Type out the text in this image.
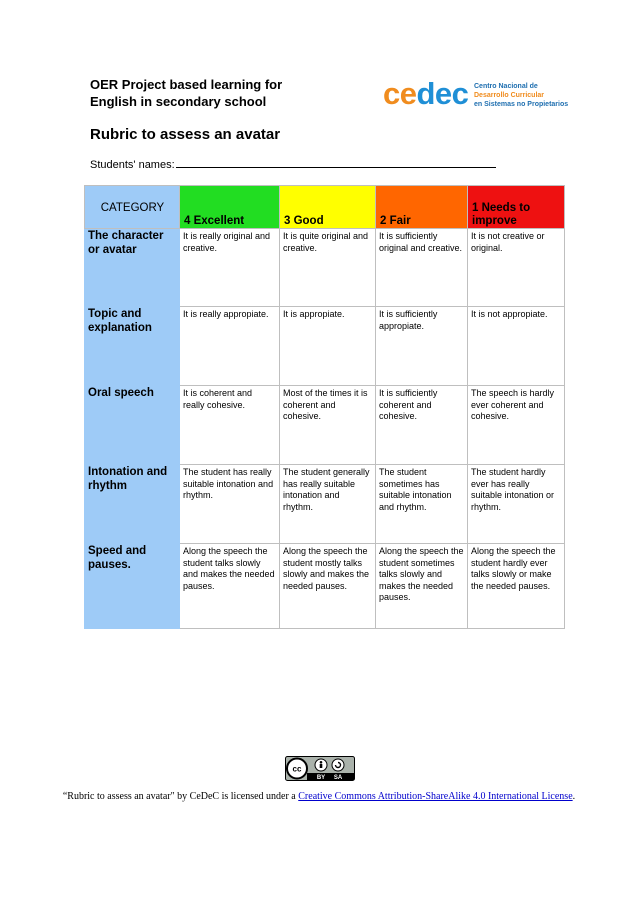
OER Project based learning for
English in secondary school	cedec Centro Nacional de
Desarrollo Curricular
en Sistemas no Propietarios
Rubric to assess an avatar
Students' names:
CATEGORY	4 Excellent	3 Good	2 Fair	1 Needs to improve
The character or avatar	It is really original and creative.	It is quite original and creative.	It is sufficiently original and creative.	It is not creative or original.
Topic and explanation	It is really appropiate.	It is appropiate.	It is sufficiently appropiate.	It is not appropiate.
Oral speech	It is coherent and really cohesive.	Most of the times it is coherent and cohesive.	It is sufficiently coherent and cohesive.	The speech is hardly ever coherent and cohesive.
Intonation and rhythm	The student has really suitable intonation and rhythm.	The student generally has really suitable intonation and rhythm.	The student sometimes has suitable intonation and rhythm.	The student hardly ever has really suitable intonation or rhythm.
Speed and pauses.	Along the speech the student talks slowly and makes the needed pauses.	Along the speech the student mostly talks slowly and makes the needed pauses.	Along the speech the student sometimes talks slowly and makes the needed pauses.	Along the speech the student hardly ever talks slowly or make the needed pauses.
cc
BY SA
“Rubric to assess an avatar" by CeDeC is licensed under a Creative Commons Attribution-ShareAlike 4.0 International License.
